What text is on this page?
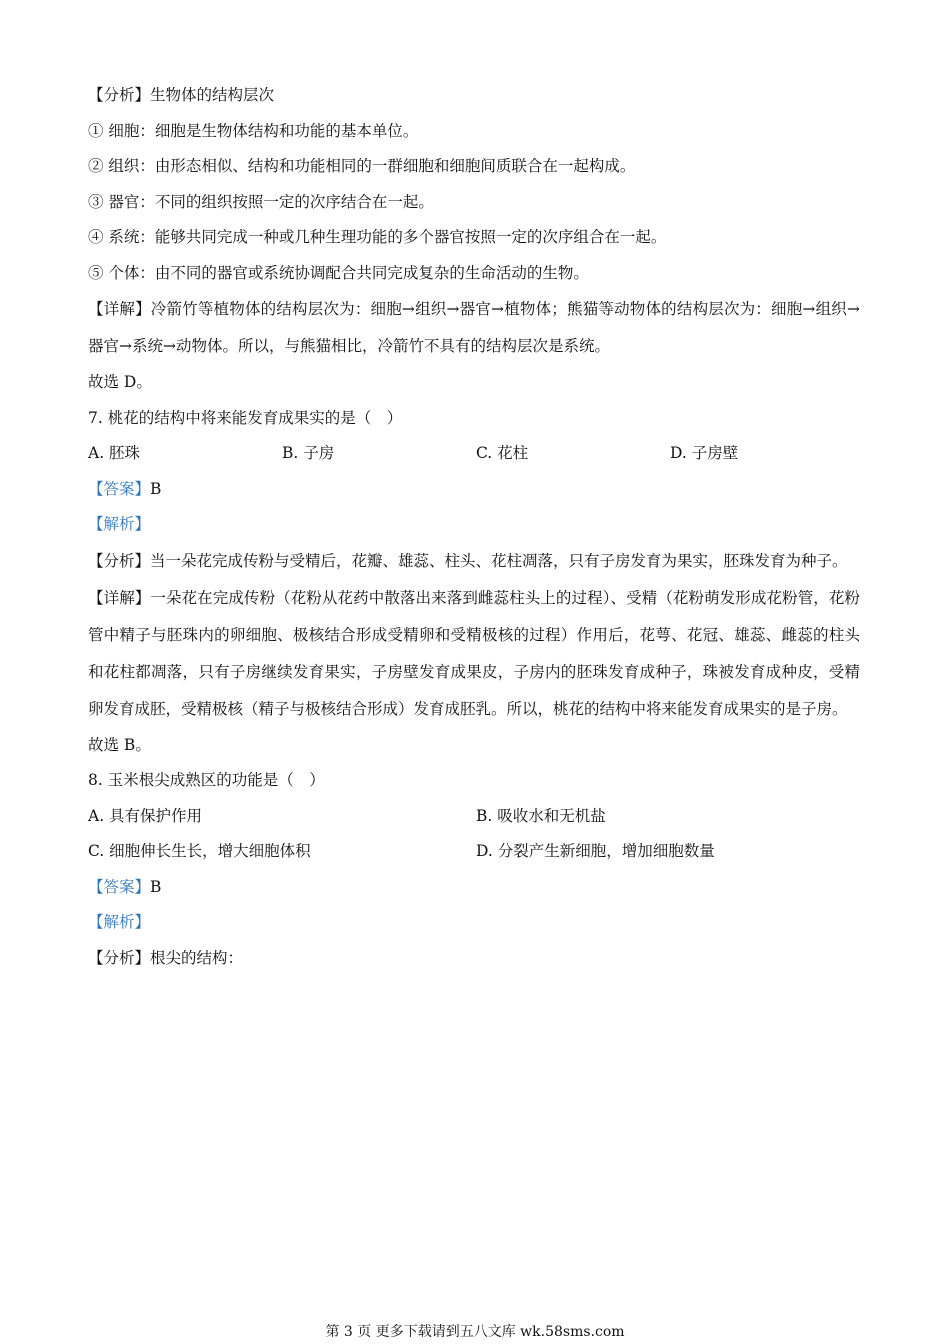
【分析】生物体的结构层次
① 细胞：细胞是生物体结构和功能的基本单位。
② 组织：由形态相似、结构和功能相同的一群细胞和细胞间质联合在一起构成。
③ 器官：不同的组织按照一定的次序结合在一起。
④ 系统：能够共同完成一种或几种生理功能的多个器官按照一定的次序组合在一起。
⑤ 个体：由不同的器官或系统协调配合共同完成复杂的生命活动的生物。
【详解】冷箭竹等植物体的结构层次为：细胞→组织→器官→植物体；熊猫等动物体的结构层次为：细胞→组织→器官→系统→动物体。所以，与熊猫相比，冷箭竹不具有的结构层次是系统。
故选 D。
7. 桃花的结构中将来能发育成果实的是（　）
A. 胚珠	B. 子房	C. 花柱	D. 子房壁
【答案】B
【解析】
【分析】当一朵花完成传粉与受精后，花瓣、雄蕊、柱头、花柱凋落，只有子房发育为果实，胚珠发育为种子。
【详解】一朵花在完成传粉（花粉从花药中散落出来落到雌蕊柱头上的过程）、受精（花粉萌发形成花粉管，花粉管中精子与胚珠内的卵细胞、极核结合形成受精卵和受精极核的过程）作用后，花萼、花冠、雄蕊、雌蕊的柱头和花柱都凋落，只有子房继续发育果实，子房壁发育成果皮，子房内的胚珠发育成种子，珠被发育成种皮，受精卵发育成胚，受精极核（精子与极核结合形成）发育成胚乳。所以，桃花的结构中将来能发育成果实的是子房。
故选 B。
8. 玉米根尖成熟区的功能是（　）
A. 具有保护作用	B. 吸收水和无机盐
C. 细胞伸长生长，增大细胞体积	D. 分裂产生新细胞，增加细胞数量
【答案】B
【解析】
【分析】根尖的结构：
第 3 页 更多下载请到五八文库 wk.58sms.com
